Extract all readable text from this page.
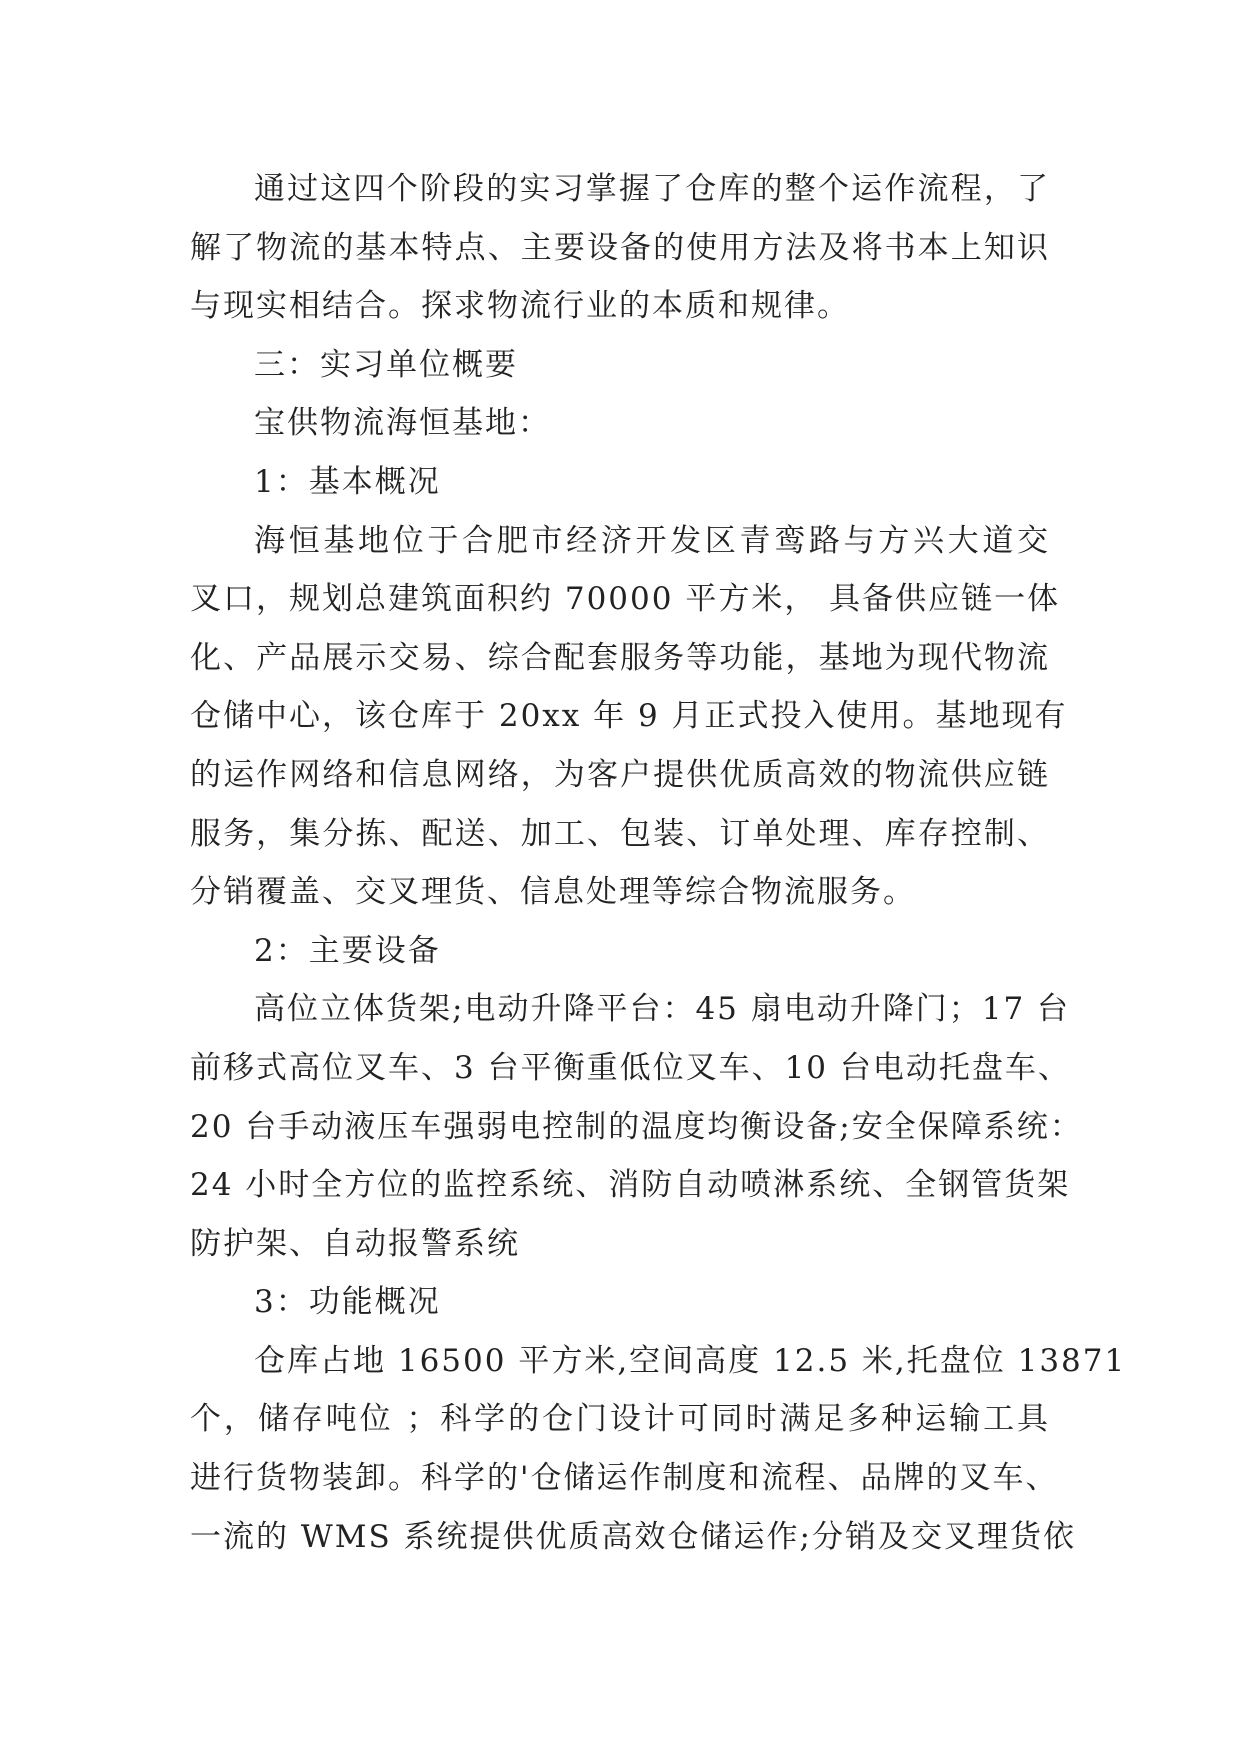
通过这四个阶段的实习掌握了仓库的整个运作流程，了
解了物流的基本特点、主要设备的使用方法及将书本上知识
与现实相结合。探求物流行业的本质和规律。
三：实习单位概要
宝供物流海恒基地：
1：基本概况
海恒基地位于合肥市经济开发区青鸾路与方兴大道交
叉口，规划总建筑面积约 70000 平方米， 具备供应链一体
化、产品展示交易、综合配套服务等功能，基地为现代物流
仓储中心，该仓库于 20xx 年 9 月正式投入使用。基地现有
的运作网络和信息网络，为客户提供优质高效的物流供应链
服务，集分拣、配送、加工、包装、订单处理、库存控制、
分销覆盖、交叉理货、信息处理等综合物流服务。
2：主要设备
高位立体货架;电动升降平台：45 扇电动升降门；17 台
前移式高位叉车、3 台平衡重低位叉车、10 台电动托盘车、
20 台手动液压车强弱电控制的温度均衡设备;安全保障系统：
24 小时全方位的监控系统、消防自动喷淋系统、全钢管货架
防护架、自动报警系统
3：功能概况
仓库占地 16500 平方米,空间高度 12.5 米,托盘位 13871
个，储存吨位 ；科学的仓门设计可同时满足多种运输工具
进行货物装卸。科学的'仓储运作制度和流程、品牌的叉车、
一流的 WMS 系统提供优质高效仓储运作;分销及交叉理货依
